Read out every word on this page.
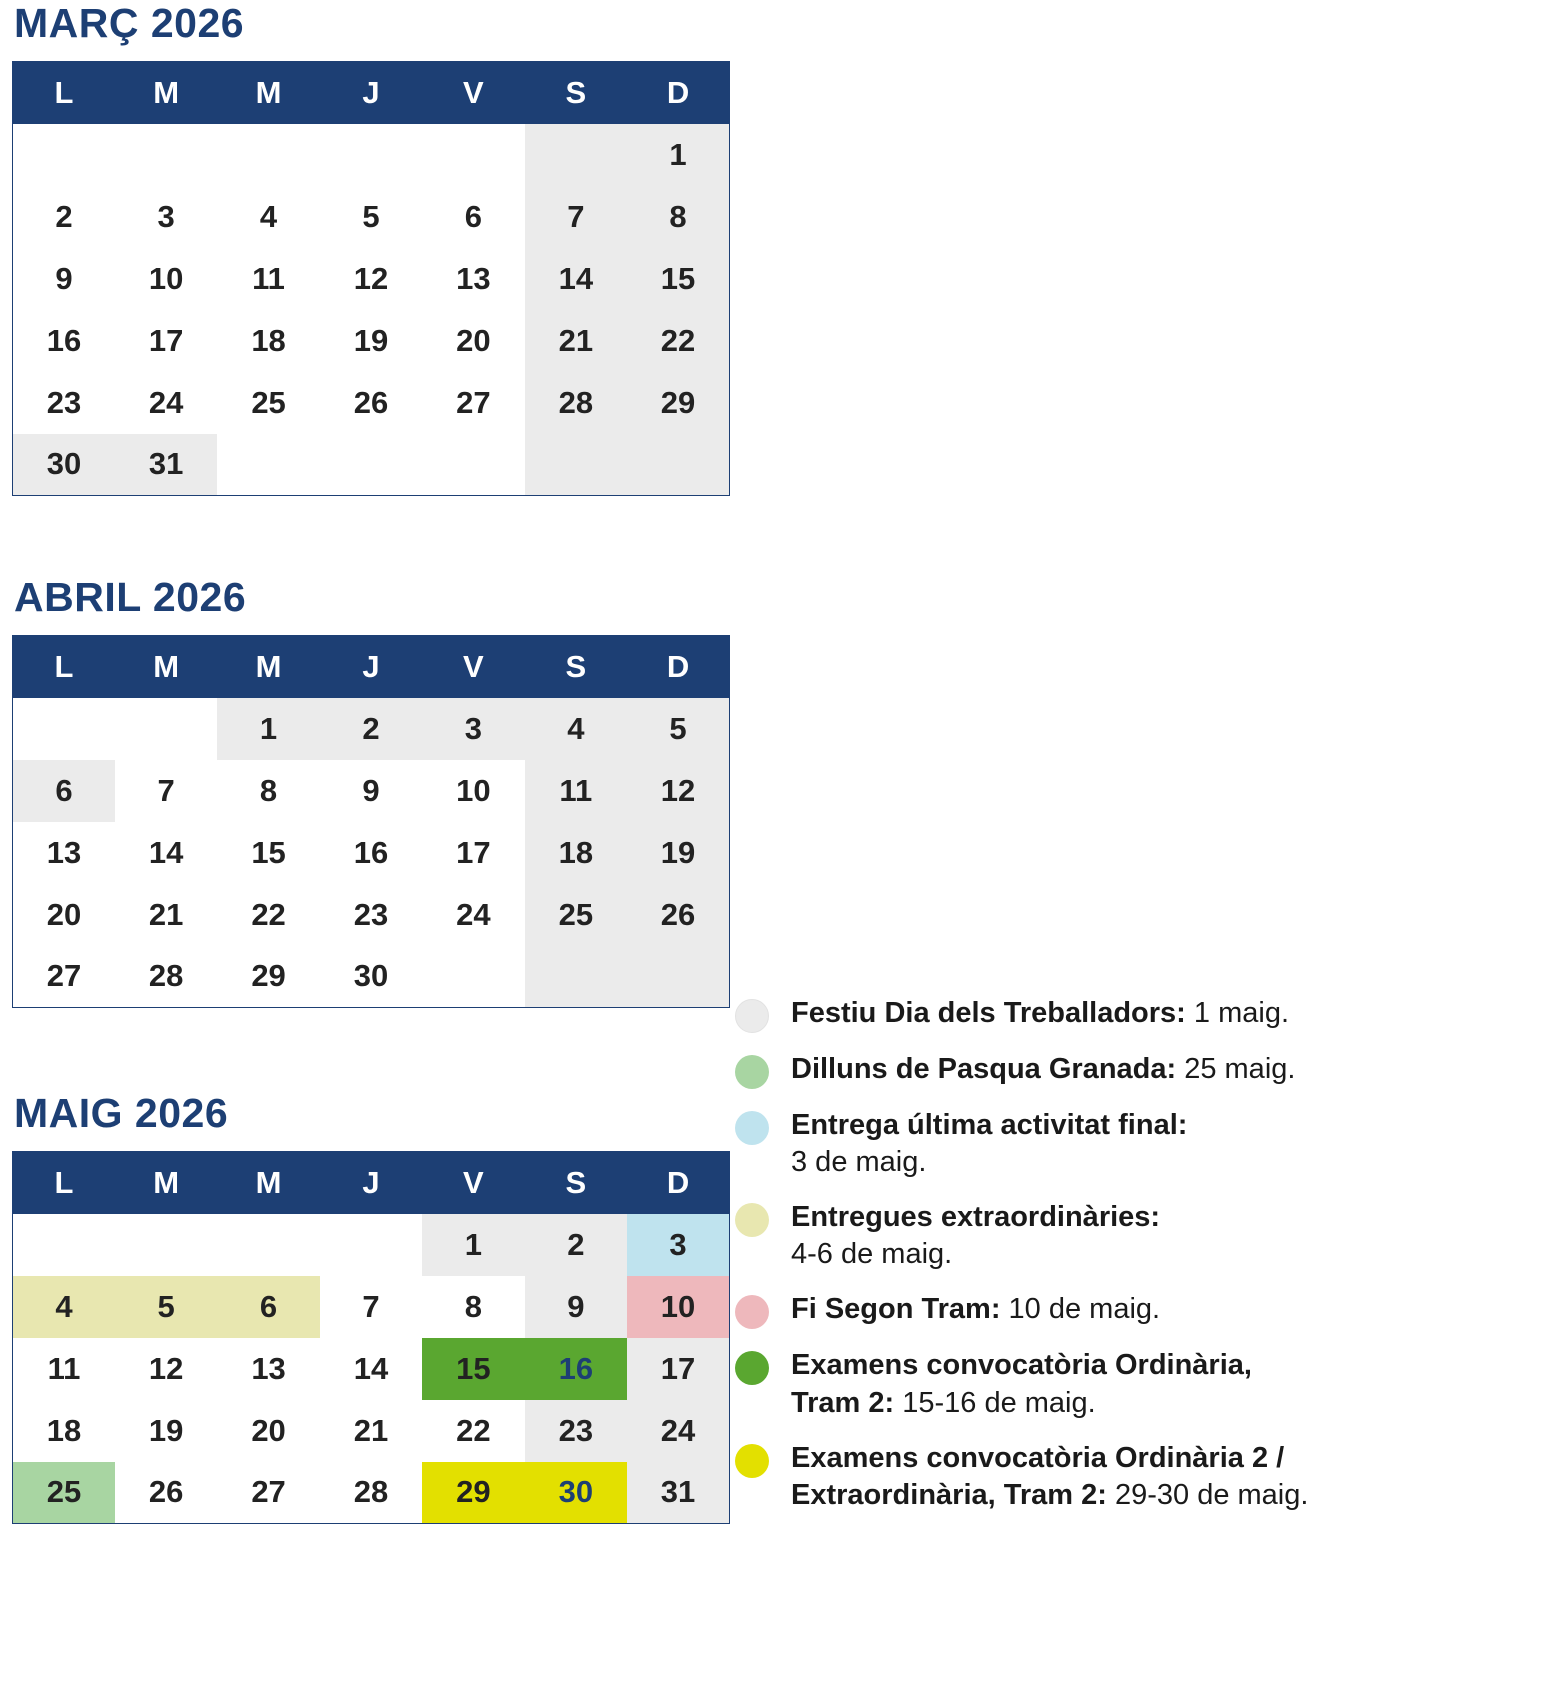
MARÇ 2026
L	M	M	J	V	S	D
						1
2	3	4	5	6	7	8
9	10	11	12	13	14	15
16	17	18	19	20	21	22
23	24	25	26	27	28	29
30	31					
ABRIL 2026
L	M	M	J	V	S	D
		1	2	3	4	5
6	7	8	9	10	11	12
13	14	15	16	17	18	19
20	21	22	23	24	25	26
27	28	29	30			
MAIG 2026
L	M	M	J	V	S	D
				1	2	3
4	5	6	7	8	9	10
11	12	13	14	15	16	17
18	19	20	21	22	23	24
25	26	27	28	29	30	31
Festiu Dia dels Treballadors: 1 maig.
Dilluns de Pasqua Granada: 25 maig.
Entrega última activitat final:
3 de maig.
Entregues extraordinàries:
4-6 de maig.
Fi Segon Tram: 10 de maig.
Examens convocatòria Ordinària,
Tram 2: 15-16 de maig.
Examens convocatòria Ordinària 2 /
Extraordinària, Tram 2: 29-30 de maig.
